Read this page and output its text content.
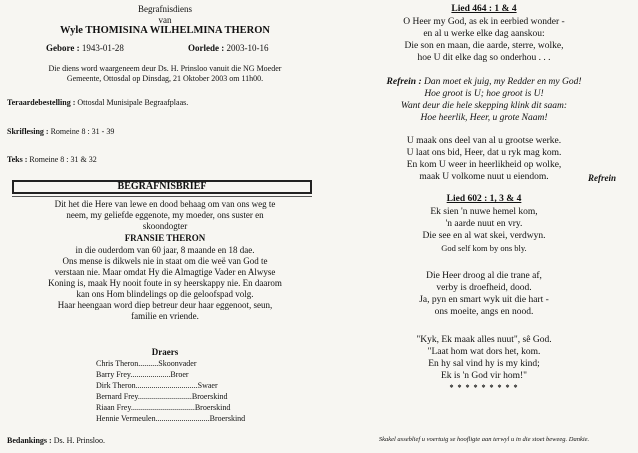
Begrafnisdiens
van
Wyle THOMISINA WILHELMINA THERON
Gebore : 1943-01-28	Oorlede : 2003-10-16
Die diens word waargeneem deur Ds. H. Prinsloo vanuit die NG Moeder
Gemeente, Ottosdal op Dinsdag, 21 Oktober 2003 om 11h00.
Teraardebestelling : Ottosdal Munisipale Begraafplaas.
Skriflesing : Romeine 8 : 31 - 39
Teks : Romeine 8 : 31 & 32
BEGRAFNISBRIEF
Dit het die Here van lewe en dood behaag om van ons weg te
neem, my geliefde eggenote, my moeder, ons suster en
skoondogter
FRANSIE THERON
in die ouderdom van 60 jaar, 8 maande en 18 dae.
Ons mense is dikwels nie in staat om die weë van God te
verstaan nie. Maar omdat Hy die Almagtige Vader en Alwyse
Koning is, maak Hy nooit foute in sy heerskappy nie. En daarom
kan ons Hom blindelings op die geloofspad volg.
Haar heengaan word diep betreur deur haar eggenoot, seun,
familie en vriende.
Draers
Chris Theron..........Skoonvader
Barry Frey....................Broer
Dirk Theron...............................Swaer
Bernard Frey...........................Broerskind
Riaan Frey................................Broerskind
Hennie Vermeulen...........................Broerskind
Bedankings : Ds. H. Prinsloo.
Lied 464 : 1 & 4
O Heer my God, as ek in eerbied wonder -
en al u werke elke dag aanskou:
Die son en maan, die aarde, sterre, wolke,
hoe U dit elke dag so onderhou . . .
Refrein : Dan moet ek juig, my Redder en my God!
Hoe groot is U; hoe groot is U!
Want deur die hele skepping klink dit saam:
Hoe heerlik, Heer, u grote Naam!
U maak ons deel van al u grootse werke.
U laat ons bid, Heer, dat u ryk mag kom.
En kom U weer in heerlikheid op wolke,
maak U volkome nuut u eiendom.	Refrein
Lied 602 : 1, 3 & 4
Ek sien 'n nuwe hemel kom,
'n aarde nuut en vry.
Die see en al wat skei, verdwyn.
God self kom by ons bly.
Die Heer droog al die trane af,
verby is droefheid, dood.
Ja, pyn en smart wyk uit die hart -
ons moeite, angs en nood.
"Kyk, Ek maak alles nuut", sê God.
"Laat hom wat dors het, kom.
En hy sal vind hy is my kind;
Ek is 'n God vir hom!"
* * * * * * * * *
Skakel asseblief u voertuig se hoofligte aan terwyl u in die stoet beweeg. Dankie.
